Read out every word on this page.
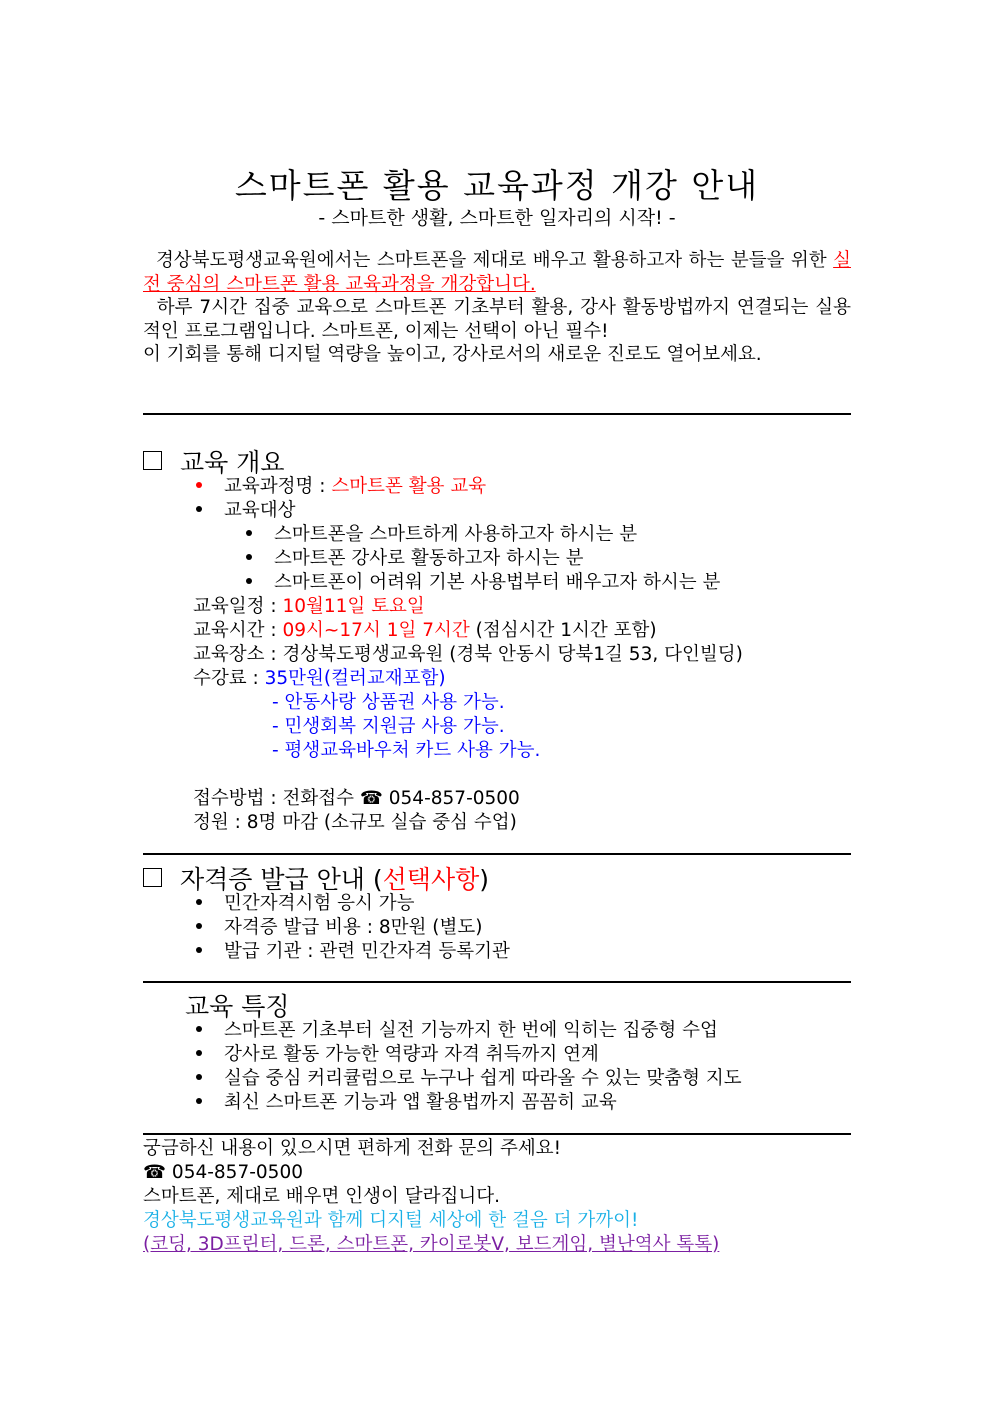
스마트폰 활용 교육과정 개강 안내
- 스마트한 생활, 스마트한 일자리의 시작! -

경상북도평생교육원에서는 스마트폰을 제대로 배우고 활용하고자 하는 분들을 위한 실전 중심의 스마트폰 활용 교육과정을 개강합니다.

하루 7시간 집중 교육으로 스마트폰 기초부터 활용, 강사 활동방법까지 연결되는 실용적인 프로그램입니다. 스마트폰, 이제는 선택이 아닌 필수!

이 기회를 통해 디지털 역량을 높이고, 강사로서의 새로운 진로도 열어보세요.

교육 개요
교육과정명 : 스마트폰 활용 교육
교육대상
스마트폰을 스마트하게 사용하고자 하시는 분
스마트폰 강사로 활동하고자 하시는 분
스마트폰이 어려워 기본 사용법부터 배우고자 하시는 분
교육일정 : 10월11일 토요일
교육시간 : 09시~17시 1일 7시간 (점심시간 1시간 포함)
교육장소 : 경상북도평생교육원 (경북 안동시 당북1길 53, 다인빌딩)
수강료 : 35만원(컬러교재포함)
- 안동사랑 상품권 사용 가능.
- 민생회복 지원금 사용 가능.
- 평생교육바우처 카드 사용 가능.
접수방법 : 전화접수 ☎ 054-857-0500
정원 : 8명 마감 (소규모 실습 중심 수업)
자격증 발급 안내 (선택사항)
민간자격시험 응시 가능
자격증 발급 비용 : 8만원 (별도)
발급 기관 : 관련 민간자격 등록기관
교육 특징
스마트폰 기초부터 실전 기능까지 한 번에 익히는 집중형 수업
강사로 활동 가능한 역량과 자격 취득까지 연계
실습 중심 커리큘럼으로 누구나 쉽게 따라올 수 있는 맞춤형 지도
최신 스마트폰 기능과 앱 활용법까지 꼼꼼히 교육
궁금하신 내용이 있으시면 편하게 전화 문의 주세요!
☎ 054-857-0500
스마트폰, 제대로 배우면 인생이 달라집니다.
경상북도평생교육원과 함께 디지털 세상에 한 걸음 더 가까이!
(코딩, 3D프린터, 드론, 스마트폰, 카이로봇V, 보드게임, 별난역사 톡톡)
